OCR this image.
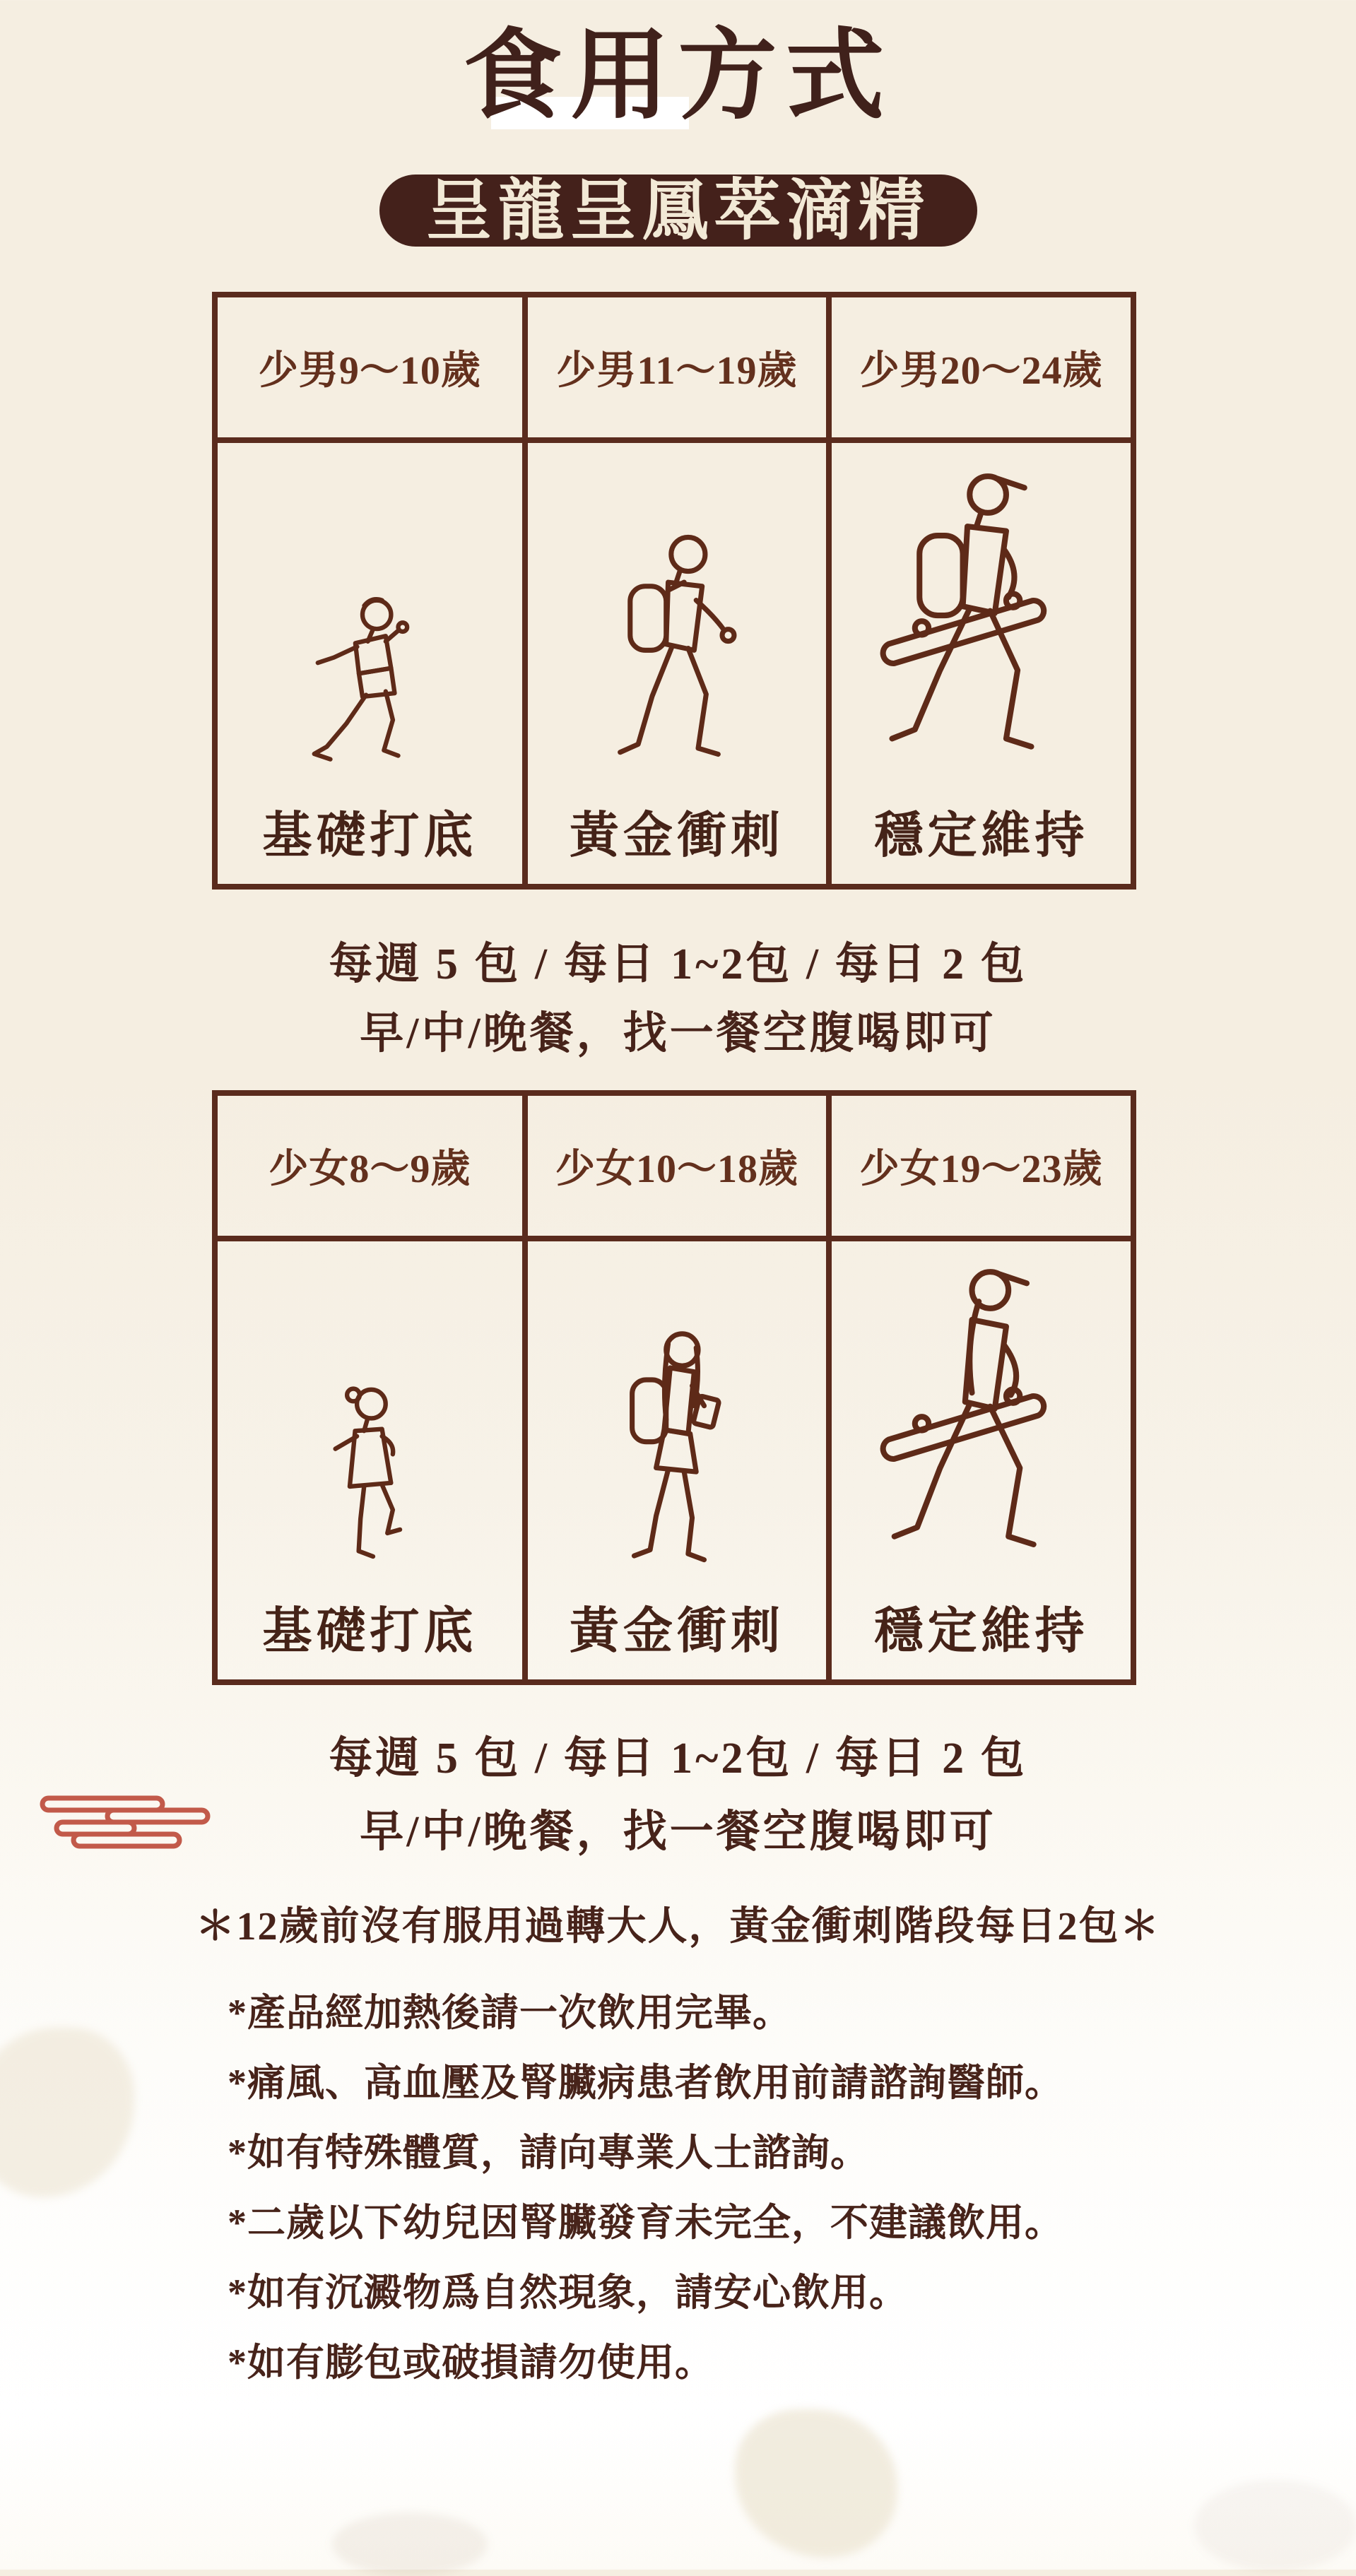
食用方式
呈龍呈鳳萃滴精
少男9～10歲	少男11～19歲	少男20～24歲
基礎打底 黃金衝刺 穩定維持
每週 5 包 / 每日 1~2包 / 每日 2 包
早/中/晚餐，找一餐空腹喝即可
少女8～9歲	少女10～18歲	少女19～23歲
基礎打底 黃金衝刺 穩定維持
每週 5 包 / 每日 1~2包 / 每日 2 包
早/中/晚餐，找一餐空腹喝即可
＊12歲前沒有服用過轉大人，黃金衝刺階段每日2包＊
*產品經加熱後請一次飲用完畢。
*痛風、高血壓及腎臟病患者飲用前請諮詢醫師。
*如有特殊體質，請向專業人士諮詢。
*二歲以下幼兒因腎臟發育未完全，不建議飲用。
*如有沉澱物爲自然現象，請安心飲用。
*如有膨包或破損請勿使用。
